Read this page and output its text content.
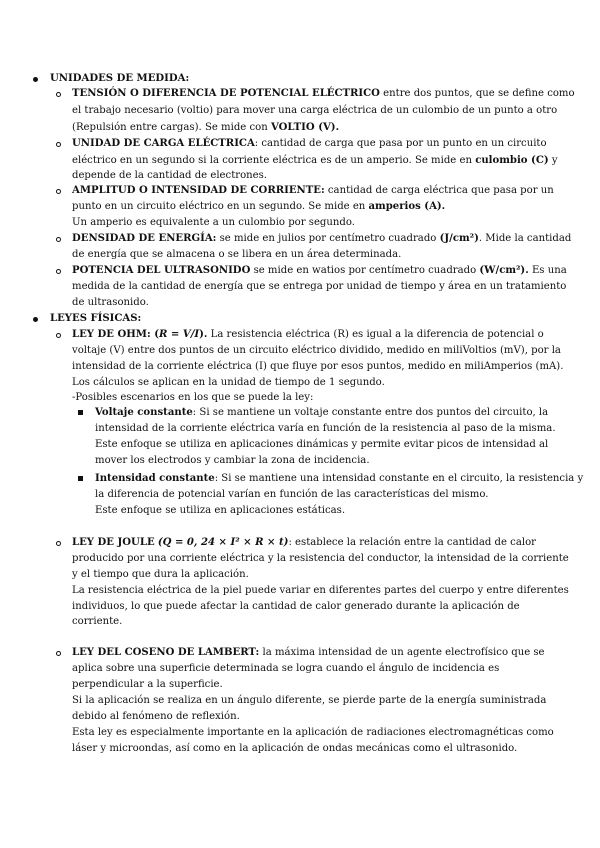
UNIDADES DE MEDIDA:
TENSIÓN O DIFERENCIA DE POTENCIAL ELÉCTRICO entre dos puntos, que se define como
el trabajo necesario (voltio) para mover una carga eléctrica de un culombio de un punto a otro
(Repulsión entre cargas). Se mide con VOLTIO (V).
UNIDAD DE CARGA ELÉCTRICA: cantidad de carga que pasa por un punto en un circuito
eléctrico en un segundo si la corriente eléctrica es de un amperio. Se mide en culombio (C) y
depende de la cantidad de electrones.
AMPLITUD O INTENSIDAD DE CORRIENTE: cantidad de carga eléctrica que pasa por un
punto en un circuito eléctrico en un segundo. Se mide en amperios (A).
Un amperio es equivalente a un culombio por segundo.
DENSIDAD DE ENERGÍA: se mide en julios por centímetro cuadrado (J/cm²). Mide la cantidad
de energía que se almacena o se libera en un área determinada.
POTENCIA DEL ULTRASONIDO se mide en watios por centímetro cuadrado (W/cm²). Es una
medida de la cantidad de energía que se entrega por unidad de tiempo y área en un tratamiento
de ultrasonido.
LEYES FÍSICAS:
LEY DE OHM: (R = V/I). La resistencia eléctrica (R) es igual a la diferencia de potencial o
voltaje (V) entre dos puntos de un circuito eléctrico dividido, medido en miliVoltios (mV), por la
intensidad de la corriente eléctrica (I) que fluye por esos puntos, medido en miliAmperios (mA).
Los cálculos se aplican en la unidad de tiempo de 1 segundo.
-Posibles escenarios en los que se puede la ley:
Voltaje constante: Si se mantiene un voltaje constante entre dos puntos del circuito, la
intensidad de la corriente eléctrica varía en función de la resistencia al paso de la misma.
Este enfoque se utiliza en aplicaciones dinámicas y permite evitar picos de intensidad al
mover los electrodos y cambiar la zona de incidencia.
Intensidad constante: Si se mantiene una intensidad constante en el circuito, la resistencia y
la diferencia de potencial varían en función de las características del mismo.
Este enfoque se utiliza en aplicaciones estáticas.
LEY DE JOULE (Q = 0, 24 × I² × R × t): establece la relación entre la cantidad de calor
producido por una corriente eléctrica y la resistencia del conductor, la intensidad de la corriente
y el tiempo que dura la aplicación.
La resistencia eléctrica de la piel puede variar en diferentes partes del cuerpo y entre diferentes
individuos, lo que puede afectar la cantidad de calor generado durante la aplicación de
corriente.
LEY DEL COSENO DE LAMBERT: la máxima intensidad de un agente electrofísico que se
aplica sobre una superficie determinada se logra cuando el ángulo de incidencia es
perpendicular a la superficie.
Si la aplicación se realiza en un ángulo diferente, se pierde parte de la energía suministrada
debido al fenómeno de reflexión.
Esta ley es especialmente importante en la aplicación de radiaciones electromagnéticas como
láser y microondas, así como en la aplicación de ondas mecánicas como el ultrasonido.
